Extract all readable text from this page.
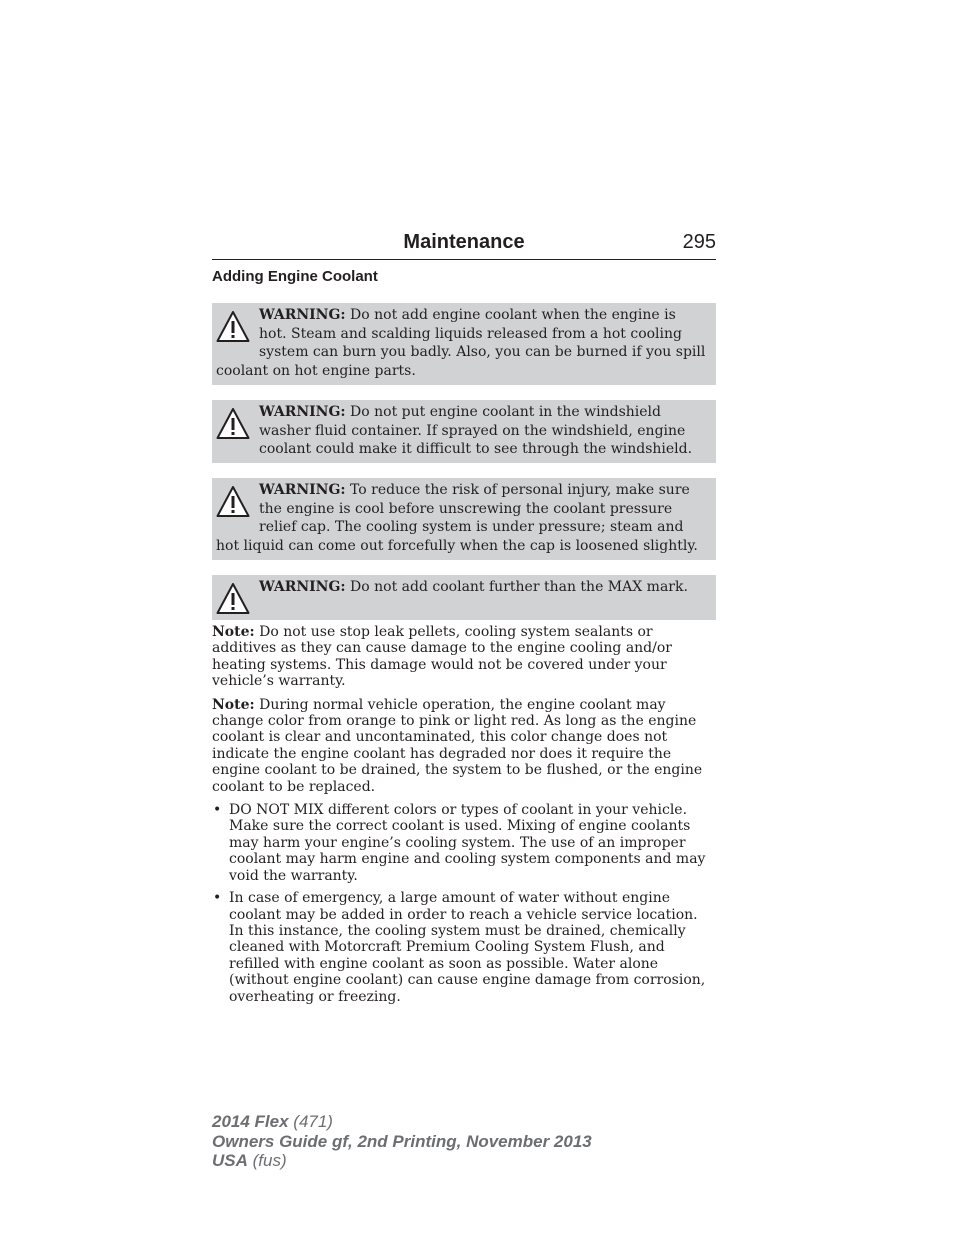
Maintenance	295
Adding Engine Coolant
WARNING: Do not add engine coolant when the engine is hot. Steam and scalding liquids released from a hot cooling system can burn you badly. Also, you can be burned if you spill coolant on hot engine parts.
WARNING: Do not put engine coolant in the windshield washer fluid container. If sprayed on the windshield, engine coolant could make it difficult to see through the windshield.
WARNING: To reduce the risk of personal injury, make sure the engine is cool before unscrewing the coolant pressure relief cap. The cooling system is under pressure; steam and hot liquid can come out forcefully when the cap is loosened slightly.
WARNING: Do not add coolant further than the MAX mark.

Note: Do not use stop leak pellets, cooling system sealants or additives as they can cause damage to the engine cooling and/or heating systems. This damage would not be covered under your vehicle’s warranty.

Note: During normal vehicle operation, the engine coolant may change color from orange to pink or light red. As long as the engine coolant is clear and uncontaminated, this color change does not indicate the engine coolant has degraded nor does it require the engine coolant to be drained, the system to be flushed, or the engine coolant to be replaced.

• DO NOT MIX different colors or types of coolant in your vehicle. Make sure the correct coolant is used. Mixing of engine coolants may harm your engine’s cooling system. The use of an improper coolant may harm engine and cooling system components and may void the warranty.
• In case of emergency, a large amount of water without engine coolant may be added in order to reach a vehicle service location. In this instance, the cooling system must be drained, chemically cleaned with Motorcraft Premium Cooling System Flush, and refilled with engine coolant as soon as possible. Water alone (without engine coolant) can cause engine damage from corrosion, overheating or freezing.
2014 Flex (471)
Owners Guide gf, 2nd Printing, November 2013
USA (fus)
